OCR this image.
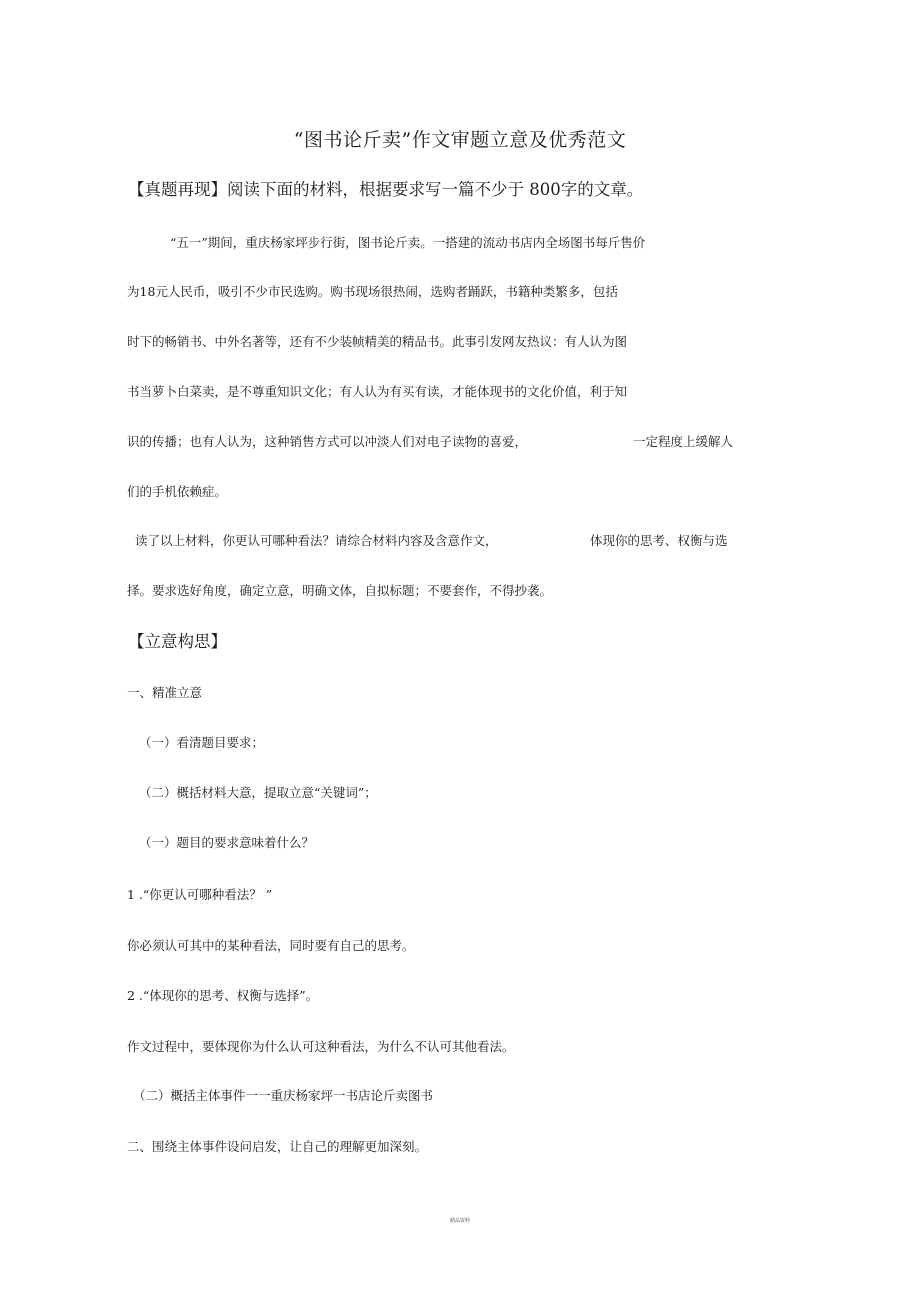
“图书论斤卖”作文审题立意及优秀范文
【真题再现】阅读下面的材料，根据要求写一篇不少于 800字的文章。
“五一”期间，重庆杨家坪步行街，图书论斤卖。一搭建的流动书店内全场图书每斤售价
为18元人民币，吸引不少市民选购。购书现场很热闹，选购者踊跃，书籍种类繁多，包括
时下的畅销书、中外名著等，还有不少装帧精美的精品书。此事引发网友热议：有人认为图
书当萝卜白菜卖，是不尊重知识文化；有人认为有买有读，才能体现书的文化价值，利于知
识的传播；也有人认为，这种销售方式可以冲淡人们对电子读物的喜爱，	一定程度上缓解人
们的手机依赖症。
读了以上材料，你更认可哪种看法？请综合材料内容及含意作文，	体现你的思考、权衡与选
择。要求选好角度，确定立意，明确文体，自拟标题；不要套作，不得抄袭。
【立意构思】
一、精准立意
（一）看清题目要求；
（二）概括材料大意，提取立意“关键词”；
（一）题目的要求意味着什么？
1 .“你更认可哪种看法？ ”
你必须认可其中的某种看法，同时要有自己的思考。
2 .“体现你的思考、权衡与选择”。
作文过程中，要体现你为什么认可这种看法，为什么不认可其他看法。
（二）概括主体事件一一重庆杨家坪一书店论斤卖图书
二、围绕主体事件设问启发，让自己的理解更加深刻。
精品资料
